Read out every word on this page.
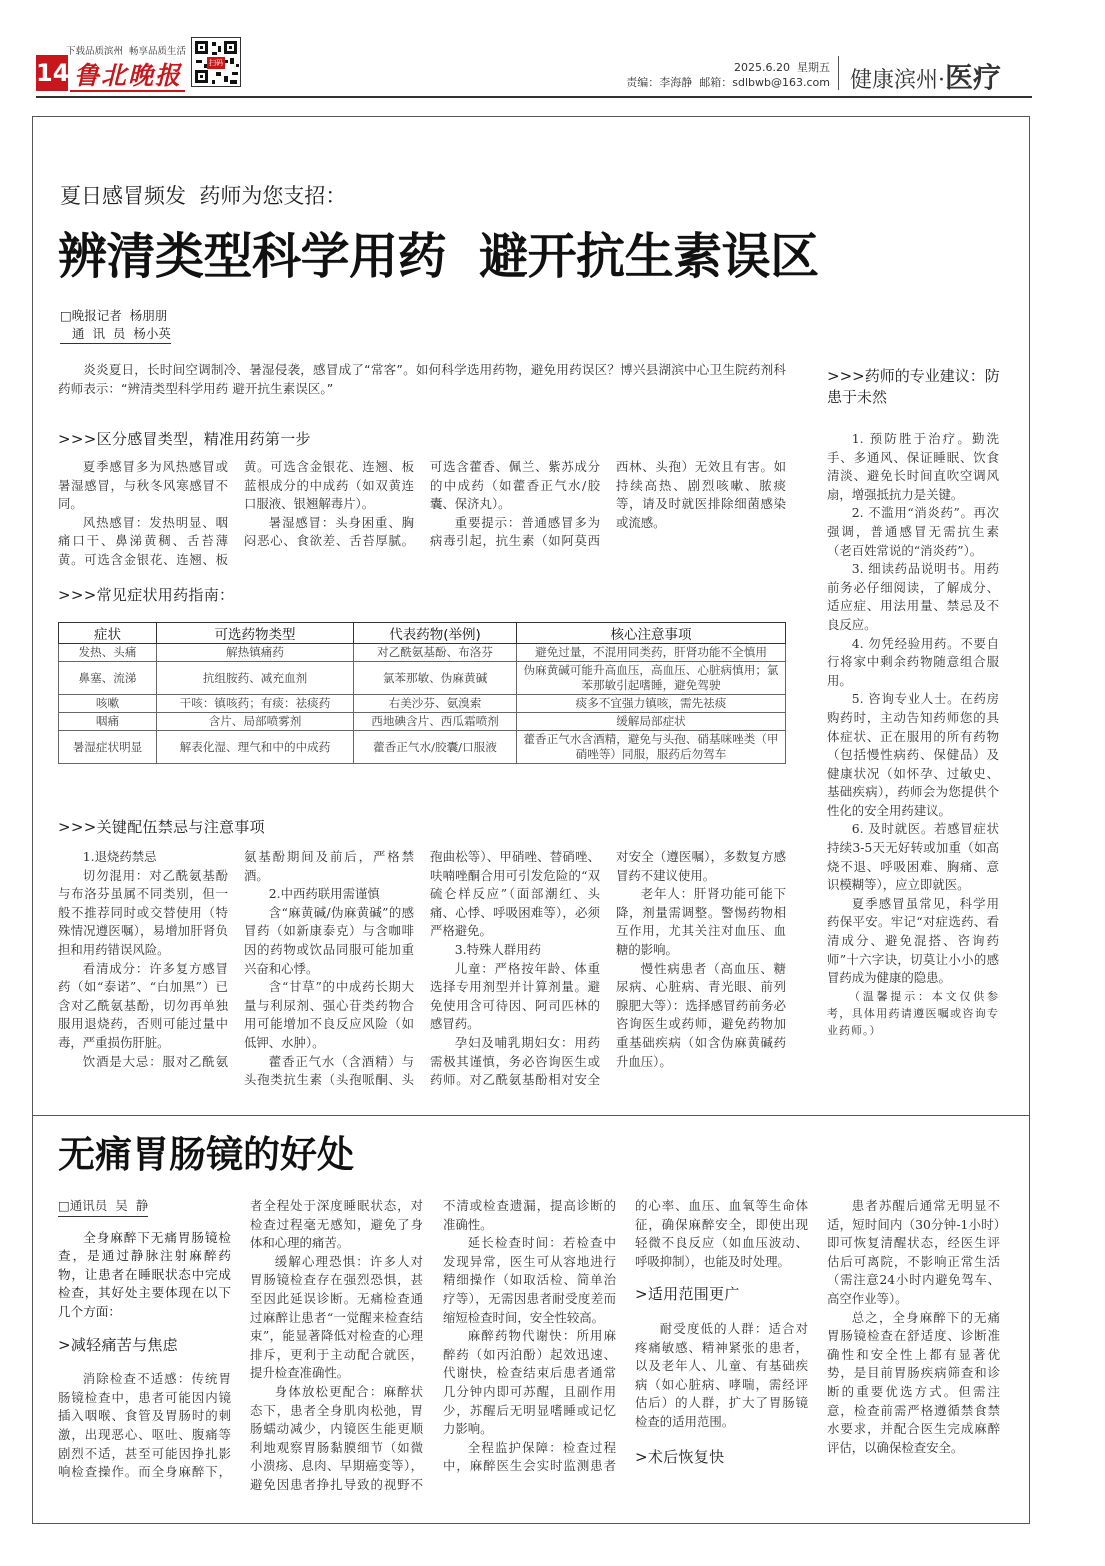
14
下载品质滨州  畅享品质生活
鲁北晚报	扫码	2025.6.20  星期五
责编：李海静  邮箱：sdlbwb@163.com 健康滨州·医疗
夏日感冒频发  药师为您支招：
辨清类型科学用药  避开抗生素误区
□晚报记者  杨朋朋
通  讯  员  杨小英

炎炎夏日，长时间空调制冷、暑湿侵袭，感冒成了“常客”。如何科学选用药物，避免用药误区？博兴县湖滨中心卫生院药剂科药师表示：“辨清类型科学用药 避开抗生素误区。”

>>>区分感冒类型，精准用药第一步

夏季感冒多为风热感冒或暑湿感冒，与秋冬风寒感冒不同。

风热感冒：发热明显、咽痛口干、鼻涕黄稠、舌苔薄黄。可选含金银花、连翘、板

黄。可选含金银花、连翘、板蓝根成分的中成药（如双黄连口服液、银翘解毒片）。

暑湿感冒：头身困重、胸闷恶心、食欲差、舌苔厚腻。

可选含藿香、佩兰、紫苏成分的中成药（如藿香正气水/胶囊、保济丸）。

重要提示：普通感冒多为病毒引起，抗生素（如阿莫西

西林、头孢）无效且有害。如持续高热、剧烈咳嗽、脓痰等，请及时就医排除细菌感染或流感。

>>>常见症状用药指南：
症状	可选药物类型	代表药物(举例)	核心注意事项
发热、头痛	解热镇痛药	对乙酰氨基酚、布洛芬	避免过量，不混用同类药，肝肾功能不全慎用
鼻塞、流涕	抗组胺药、减充血剂	氯苯那敏、伪麻黄碱	伪麻黄碱可能升高血压，高血压、心脏病慎用；氯苯那敏引起嗜睡，避免驾驶
咳嗽	干咳：镇咳药；有痰：祛痰药	右美沙芬、氨溴索	痰多不宜强力镇咳，需先祛痰
咽痛	含片、局部喷雾剂	西地碘含片、西瓜霜喷剂	缓解局部症状
暑湿症状明显	解表化湿、理气和中的中成药	藿香正气水/胶囊/口服液	藿香正气水含酒精，避免与头孢、硝基咪唑类（甲硝唑等）同服，服药后勿驾车
>>>关键配伍禁忌与注意事项

1.退烧药禁忌

切勿混用：对乙酰氨基酚与布洛芬虽属不同类别，但一般不推荐同时或交替使用（特殊情况遵医嘱），易增加肝肾负担和用药错误风险。

看清成分：许多复方感冒药（如“泰诺”、“白加黑”）已含对乙酰氨基酚，切勿再单独服用退烧药，否则可能过量中毒，严重损伤肝脏。

饮酒是大忌：服对乙酰氨

氨基酚期间及前后，严格禁酒。

2.中西药联用需谨慎

含“麻黄碱/伪麻黄碱”的感冒药（如新康泰克）与含咖啡因的药物或饮品同服可能加重兴奋和心悸。

含“甘草”的中成药长期大量与利尿剂、强心苷类药物合用可能增加不良反应风险（如低钾、水肿）。

藿香正气水（含酒精）与头孢类抗生素（头孢哌酮、头

孢曲松等）、甲硝唑、替硝唑、呋喃唑酮合用可引发危险的“双硫仑样反应”（面部潮红、头痛、心悸、呼吸困难等），必须严格避免。

3.特殊人群用药

儿童：严格按年龄、体重选择专用剂型并计算剂量。避免使用含可待因、阿司匹林的感冒药。

孕妇及哺乳期妇女：用药需极其谨慎，务必咨询医生或药师。对乙酰氨基酚相对安全

对安全（遵医嘱），多数复方感冒药不建议使用。

老年人：肝肾功能可能下降，剂量需调整。警惕药物相互作用，尤其关注对血压、血糖的影响。

慢性病患者（高血压、糖尿病、心脏病、青光眼、前列腺肥大等）：选择感冒药前务必咨询医生或药师，避免药物加重基础疾病（如含伪麻黄碱药升血压）。

>>>药师的专业建议：防患于未然

1. 预防胜于治疗。勤洗手、多通风、保证睡眠、饮食清淡、避免长时间直吹空调风扇，增强抵抗力是关键。

2. 不滥用“消炎药”。再次强调，普通感冒无需抗生素（老百姓常说的“消炎药”）。

3. 细读药品说明书。用药前务必仔细阅读，了解成分、适应症、用法用量、禁忌及不良反应。

4. 勿凭经验用药。不要自行将家中剩余药物随意组合服用。

5. 咨询专业人士。在药房购药时，主动告知药师您的具体症状、正在服用的所有药物（包括慢性病药、保健品）及健康状况（如怀孕、过敏史、基础疾病），药师会为您提供个性化的安全用药建议。

6. 及时就医。若感冒症状持续3-5天无好转或加重（如高烧不退、呼吸困难、胸痛、意识模糊等），应立即就医。

夏季感冒虽常见，科学用药保平安。牢记“对症选药、看清成分、避免混搭、咨询药师”十六字诀，切莫让小小的感冒药成为健康的隐患。

（温馨提示：本文仅供参考，具体用药请遵医嘱或咨询专业药师。）

无痛胃肠镜的好处

□通讯员  吴  静

全身麻醉下无痛胃肠镜检查，是通过静脉注射麻醉药物，让患者在睡眠状态中完成检查，其好处主要体现在以下几个方面：

>减轻痛苦与焦虑

消除检查不适感：传统胃肠镜检查中，患者可能因内镜插入咽喉、食管及胃肠时的刺激，出现恶心、呕吐、腹痛等剧烈不适，甚至可能因挣扎影响检查操作。而全身麻醉下，

者全程处于深度睡眠状态，对检查过程毫无感知，避免了身体和心理的痛苦。

缓解心理恐惧：许多人对胃肠镜检查存在强烈恐惧，甚至因此延误诊断。无痛检查通过麻醉让患者“一觉醒来检查结束”，能显著降低对检查的心理排斥，更利于主动配合就医，提升检查准确性。

身体放松更配合：麻醉状态下，患者全身肌肉松弛，胃肠蠕动减少，内镜医生能更顺利地观察胃肠黏膜细节（如微小溃疡、息肉、早期癌变等），避免因患者挣扎导致的视野不

不清或检查遗漏，提高诊断的准确性。

延长检查时间：若检查中发现异常，医生可从容地进行精细操作（如取活检、简单治疗等），无需因患者耐受度差而缩短检查时间，安全性较高。

麻醉药物代谢快：所用麻醉药（如丙泊酚）起效迅速、代谢快，检查结束后患者通常几分钟内即可苏醒，且副作用少，苏醒后无明显嗜睡或记忆力影响。

全程监护保障：检查过程中，麻醉医生会实时监测患者

的心率、血压、血氧等生命体征，确保麻醉安全，即使出现轻微不良反应（如血压波动、呼吸抑制），也能及时处理。

>适用范围更广

耐受度低的人群：适合对疼痛敏感、精神紧张的患者，以及老年人、儿童、有基础疾病（如心脏病、哮喘，需经评估后）的人群，扩大了胃肠镜检查的适用范围。

>术后恢复快

患者苏醒后通常无明显不适，短时间内（30分钟-1小时）即可恢复清醒状态，经医生评估后可离院，不影响正常生活（需注意24小时内避免驾车、高空作业等）。

总之，全身麻醉下的无痛胃肠镜检查在舒适度、诊断准确性和安全性上都有显著优势，是目前胃肠疾病筛查和诊断的重要优选方式。但需注意，检查前需严格遵循禁食禁水要求，并配合医生完成麻醉评估，以确保检查安全。
